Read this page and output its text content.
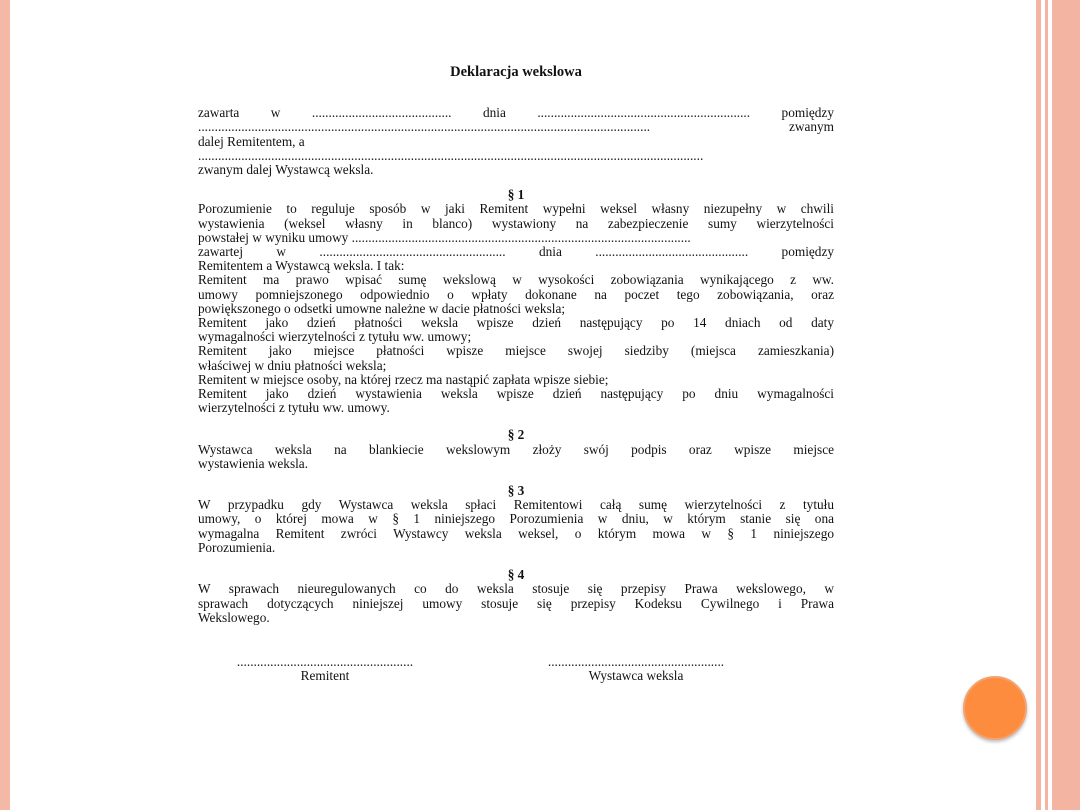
Deklaracja wekslowa
zawarta w .......................................... dnia ................................................................ pomiędzy
........................................................................................................................................ zwanym
dalej Remitentem, a
........................................................................................................................................................
zwanym dalej Wystawcą weksla.
§ 1
Porozumienie to reguluje sposób w jaki Remitent wypełni weksel własny niezupełny w chwili
wystawienia (weksel własny in blanco) wystawiony na zabezpieczenie sumy wierzytelności
powstałej w wyniku umowy ......................................................................................................
zawartej w ........................................................ dnia .............................................. pomiędzy
Remitentem a Wystawcą weksla. I tak:
Remitent ma prawo wpisać sumę wekslową w wysokości zobowiązania wynikającego z ww.
umowy pomniejszonego odpowiednio o wpłaty dokonane na poczet tego zobowiązania, oraz
powiększonego o odsetki umowne należne w dacie płatności weksla;
Remitent jako dzień płatności weksla wpisze dzień następujący po 14 dniach od daty
wymagalności wierzytelności z tytułu ww. umowy;
Remitent jako miejsce płatności wpisze miejsce swojej siedziby (miejsca zamieszkania)
właściwej w dniu płatności weksla;
Remitent w miejsce osoby, na której rzecz ma nastąpić zapłata wpisze siebie;
Remitent jako dzień wystawienia weksla wpisze dzień następujący po dniu wymagalności
wierzytelności z tytułu ww. umowy.
§ 2
Wystawca weksla na blankiecie wekslowym złoży swój podpis oraz wpisze miejsce
wystawienia weksla.
§ 3
W przypadku gdy Wystawca weksla spłaci Remitentowi całą sumę wierzytelności z tytułu
umowy, o której mowa w § 1 niniejszego Porozumienia w dniu, w którym stanie się ona
wymagalna Remitent zwróci Wystawcy weksla weksel, o którym mowa w § 1 niniejszego
Porozumienia.
§ 4
W sprawach nieuregulowanych co do weksla stosuje się przepisy Prawa wekslowego, w
sprawach dotyczących niniejszej umowy stosuje się przepisy Kodeksu Cywilnego i Prawa
Wekslowego.
.....................................................
Remitent
.....................................................
Wystawca weksla
